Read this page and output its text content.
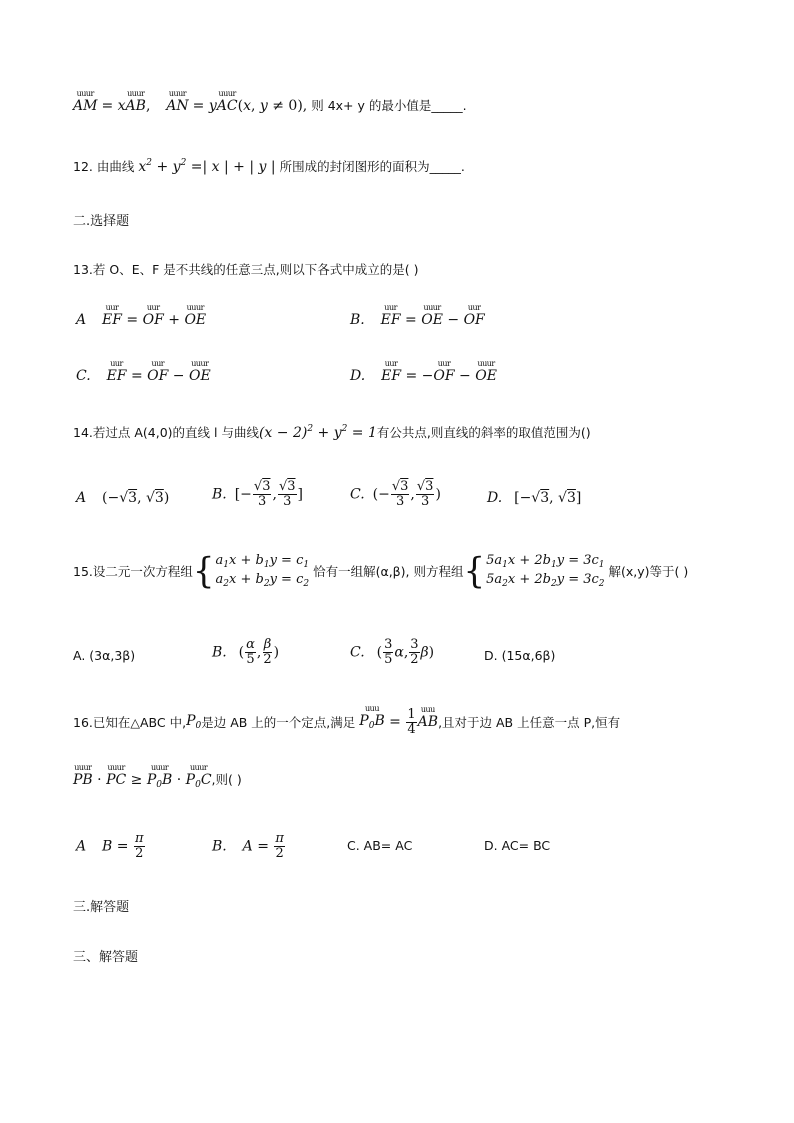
uuur AM = xuuur AB, uuur AN = yuuur AC(x, y ≠ 0), 则 4x+ y 的最小值是_____.
12. 由曲线 $x^2 + y^2$ =| x | + | y | 所围成的封闭图形的面积为_____.
二.选择题
13.若 O、E、F 是不共线的任意三点,则以下各式中成立的是( )
A uur EF = uur OF + uuur OE	B. uur EF = uuur OE − uur OF
C. uur EF = uur OF − uuur OE	D. uur EF = −uur OF − uuur OE
14.若过点 A(4,0)的直线 l 与曲线$(x - 2)^2 + y^2 = 1$有公共点,则直线的斜率的取值范围为()
A (−√3, √3)	B. [− $\frac{√3}{3}$ , $\frac{√3}{3}$ ]	C. (− $\frac{√3}{3}$ , $\frac{√3}{3}$ )	D. [−√3, √3]
15.设二元一次方程组 { $a_1x + b_1y = c_1$
$a_2x + b_2y = c_2$

恰有一组解(α,β), 则方程组 { $5a_1x + 2b_1y = 3c_1$
$5a_2x + 2b_2y = 3c_2$

解(x,y)等于( )
A. (3α,3β)	B. ( $\frac{\alpha}{5}$ , $\frac{\beta}{2}$ )	C. ( $\frac{3}{5} \alpha$, $\frac{3}{2} \beta$)	D. (15α,6β)
16.已知在△ABC 中, $P_0$ 是边 AB 上的一个定点,满足
uuu $P_0B = \frac{1}{4}$ uuu AB ,且对于边 AB 上任意一点 P,恒有
uuur PB · uuur PC ≥ uuur $P_0B$ · uuur $P_0C$,则( )
A $B = \frac{\pi}{2}$	B. $A = \frac{\pi}{2}$	C. AB= AC	D. AC= BC
三.解答题
三、解答题
